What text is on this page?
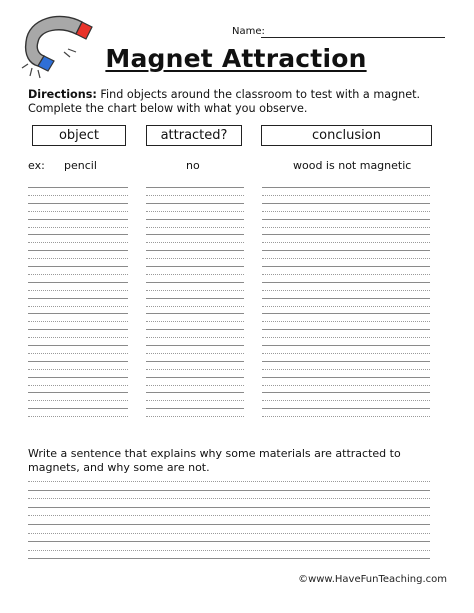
Name:
Magnet Attraction
Directions: Find objects around the classroom to test with a magnet. Complete the chart below with what you observe.
object	attracted?	conclusion
ex: pencil	no	wood is not magnetic
Write a sentence that explains why some materials are attracted to magnets, and why some are not.
©www.HaveFunTeaching.com
